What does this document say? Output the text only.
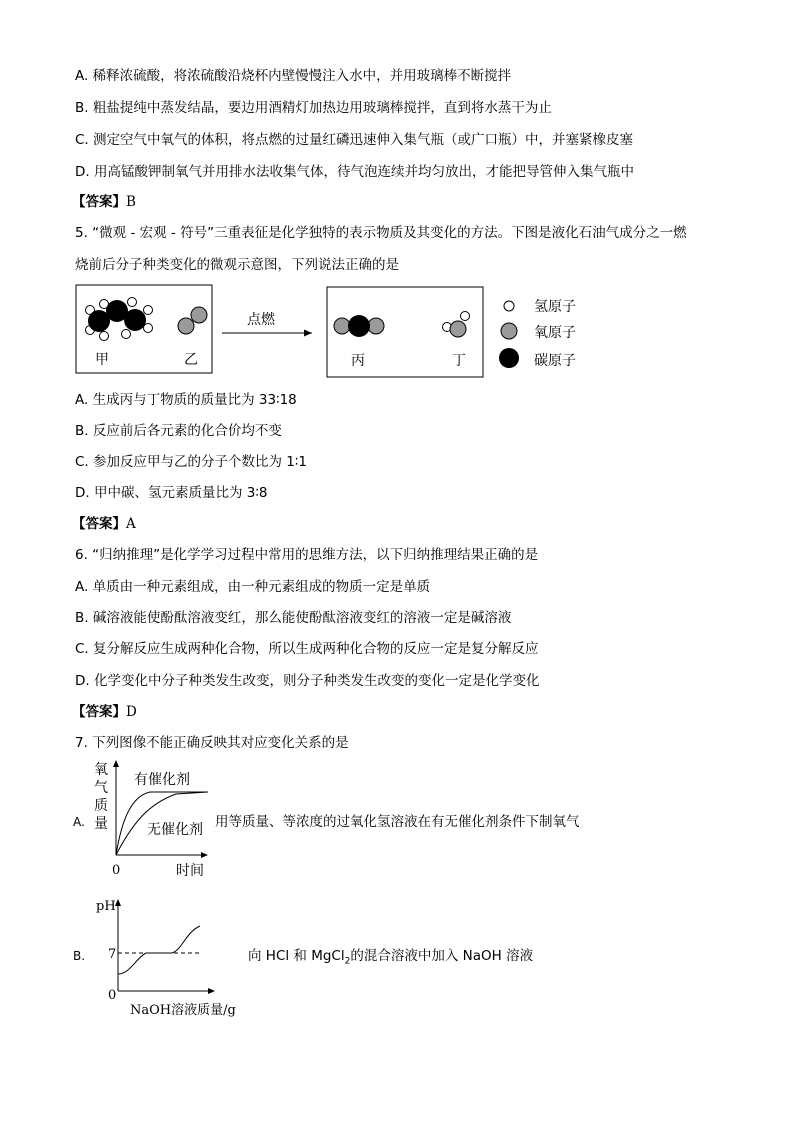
A. 稀释浓硫酸，将浓硫酸沿烧杯内壁慢慢注入水中，并用玻璃棒不断搅拌
B. 粗盐提纯中蒸发结晶，要边用酒精灯加热边用玻璃棒搅拌，直到将水蒸干为止
C. 测定空气中氧气的体积，将点燃的过量红磷迅速伸入集气瓶（或广口瓶）中，并塞紧橡皮塞
D. 用高锰酸钾制氧气并用排水法收集气体，待气泡连续并均匀放出，才能把导管伸入集气瓶中
【答案】B
5. “微观 - 宏观 - 符号”三重表征是化学独特的表示物质及其变化的方法。下图是液化石油气成分之一燃
烧前后分子种类变化的微观示意图，下列说法正确的是
甲	乙
点燃
丙	丁
氢原子
氧原子
碳原子
A. 生成丙与丁物质的质量比为 33∶18
B. 反应前后各元素的化合价均不变
C. 参加反应甲与乙的分子个数比为 1∶1
D. 甲中碳、氢元素质量比为 3∶8
【答案】A
6. “归纳推理”是化学学习过程中常用的思维方法，以下归纳推理结果正确的是
A. 单质由一种元素组成，由一种元素组成的物质一定是单质
B. 碱溶液能使酚酞溶液变红，那么能使酚酞溶液变红的溶液一定是碱溶液
C. 复分解反应生成两种化合物，所以生成两种化合物的反应一定是复分解反应
D. 化学变化中分子种类发生改变，则分子种类发生改变的变化一定是化学变化
【答案】D
7. 下列图像不能正确反映其对应变化关系的是
A.
氧
气
质
量
0	时间
有催化剂
无催化剂 用等质量、等浓度的过氧化氢溶液在有无催化剂条件下制氧气
B.
pH
7
0
NaOH溶液质量/g
向 HCl 和 MgCl$_2$的混合溶液中加入 NaOH 溶液
